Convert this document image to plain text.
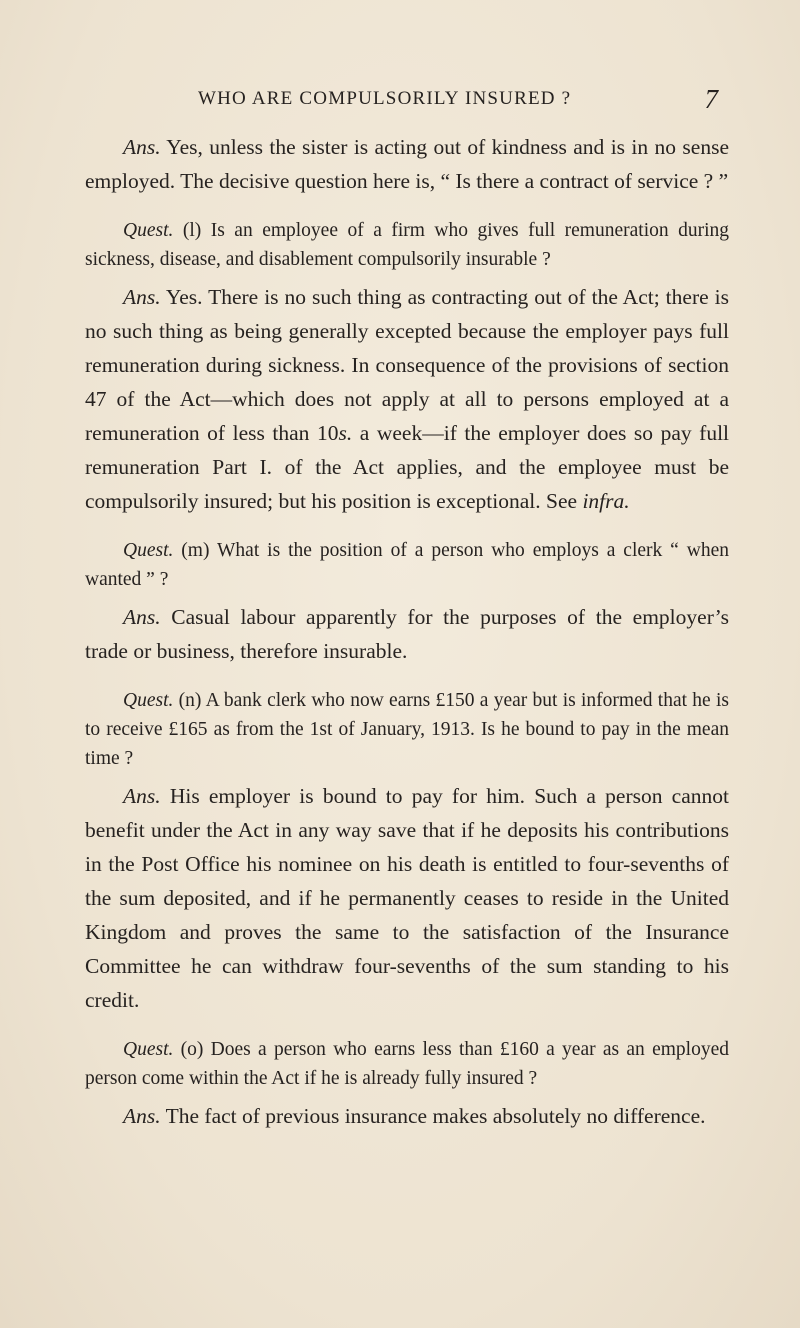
WHO ARE COMPULSORILY INSURED ?	7

Ans. Yes, unless the sister is acting out of kindness and is in no sense employed. The decisive question here is, “ Is there a contract of service ? ”

Quest. (l) Is an employee of a firm who gives full remuneration during sickness, disease, and disablement compulsorily insurable ?

Ans. Yes. There is no such thing as contracting out of the Act; there is no such thing as being generally excepted because the employer pays full remuneration during sickness. In consequence of the provisions of section 47 of the Act—which does not apply at all to persons employed at a remuneration of less than 10s. a week—if the employer does so pay full remuneration Part I. of the Act applies, and the employee must be compulsorily insured; but his position is exceptional. See infra.

Quest. (m) What is the position of a person who employs a clerk “ when wanted ” ?

Ans. Casual labour apparently for the purposes of the employer’s trade or business, therefore insurable.

Quest. (n) A bank clerk who now earns £150 a year but is informed that he is to receive £165 as from the 1st of January, 1913. Is he bound to pay in the mean time ?

Ans. His employer is bound to pay for him. Such a person cannot benefit under the Act in any way save that if he deposits his contributions in the Post Office his nominee on his death is entitled to four-sevenths of the sum deposited, and if he permanently ceases to reside in the United Kingdom and proves the same to the satisfaction of the Insurance Committee he can withdraw four-sevenths of the sum standing to his credit.

Quest. (o) Does a person who earns less than £160 a year as an employed person come within the Act if he is already fully insured ?

Ans. The fact of previous insurance makes absolutely no difference.
